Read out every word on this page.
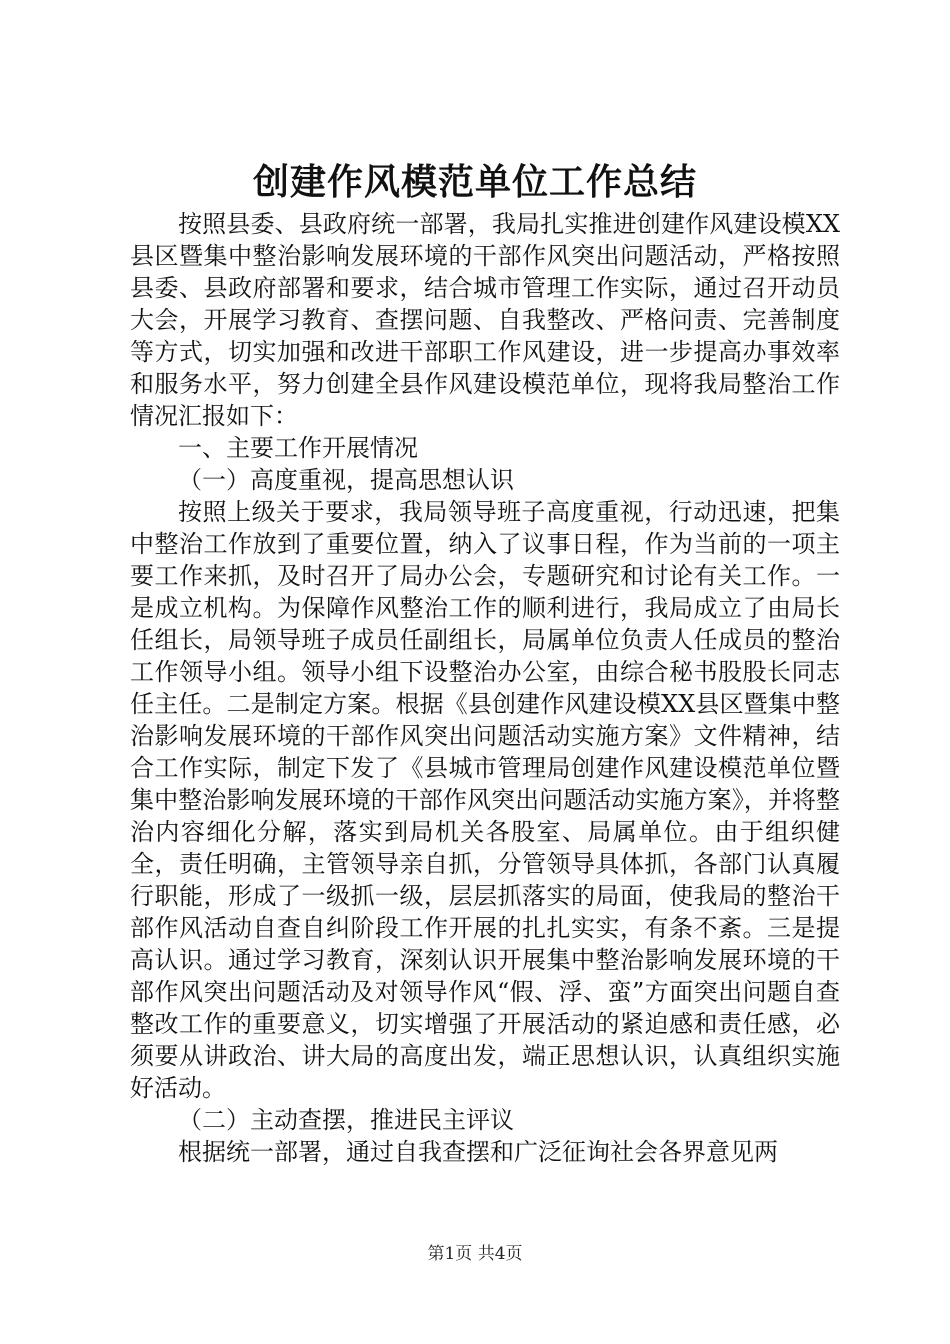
创建作风模范单位工作总结

按照县委、县政府统一部署，我局扎实推进创建作风建设模XX县区暨集中整治影响发展环境的干部作风突出问题活动，严格按照县委、县政府部署和要求，结合城市管理工作实际，通过召开动员大会，开展学习教育、查摆问题、自我整改、严格问责、完善制度等方式，切实加强和改进干部职工作风建设，进一步提高办事效率和服务水平，努力创建全县作风建设模范单位，现将我局整治工作情况汇报如下：

一、主要工作开展情况

（一）高度重视，提高思想认识

按照上级关于要求，我局领导班子高度重视，行动迅速，把集中整治工作放到了重要位置，纳入了议事日程，作为当前的一项主要工作来抓，及时召开了局办公会，专题研究和讨论有关工作。一是成立机构。为保障作风整治工作的顺利进行，我局成立了由局长任组长，局领导班子成员任副组长，局属单位负责人任成员的整治工作领导小组。领导小组下设整治办公室，由综合秘书股股长同志任主任。二是制定方案。根据《县创建作风建设模XX县区暨集中整治影响发展环境的干部作风突出问题活动实施方案》文件精神，结合工作实际，制定下发了《县城市管理局创建作风建设模范单位暨集中整治影响发展环境的干部作风突出问题活动实施方案》，并将整治内容细化分解，落实到局机关各股室、局属单位。由于组织健全，责任明确，主管领导亲自抓，分管领导具体抓，各部门认真履行职能，形成了一级抓一级，层层抓落实的局面，使我局的整治干部作风活动自查自纠阶段工作开展的扎扎实实，有条不紊。三是提高认识。通过学习教育，深刻认识开展集中整治影响发展环境的干部作风突出问题活动及对领导作风“假、浮、蛮”方面突出问题自查整改工作的重要意义，切实增强了开展活动的紧迫感和责任感，必须要从讲政治、讲大局的高度出发，端正思想认识，认真组织实施好活动。

（二）主动查摆，推进民主评议

根据统一部署，通过自我查摆和广泛征询社会各界意见两

第1页 共4页
